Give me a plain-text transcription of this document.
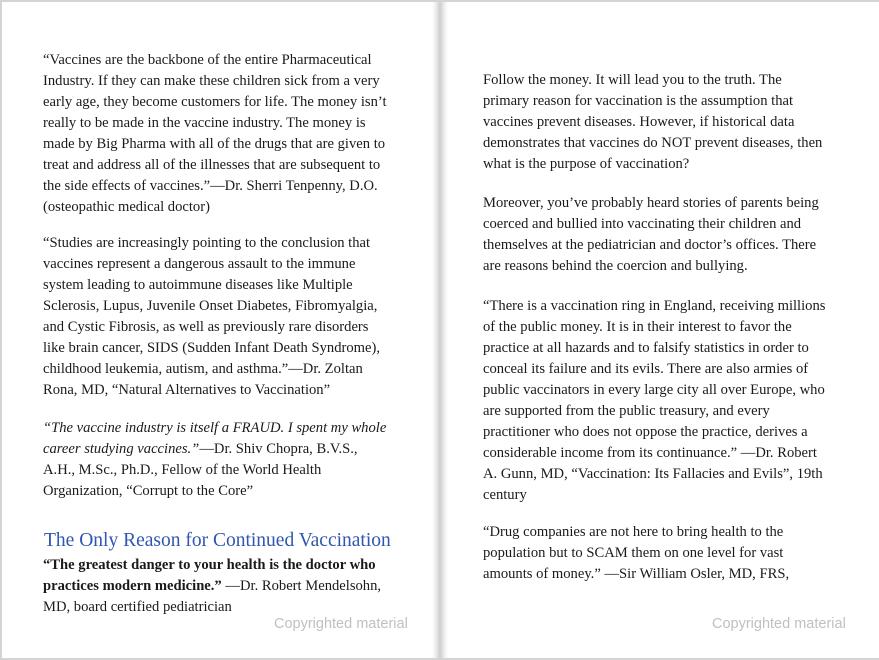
“Vaccines are the backbone of the entire Pharmaceutical
Industry. If they can make these children sick from a very
early age, they become customers for life. The money isn’t
really to be made in the vaccine industry. The money is
made by Big Pharma with all of the drugs that are given to
treat and address all of the illnesses that are subsequent to
the side effects of vaccines.”—Dr. Sherri Tenpenny, D.O.
(osteopathic medical doctor)

“Studies are increasingly pointing to the conclusion that
vaccines represent a dangerous assault to the immune
system leading to autoimmune diseases like Multiple
Sclerosis, Lupus, Juvenile Onset Diabetes, Fibromyalgia,
and Cystic Fibrosis, as well as previously rare disorders
like brain cancer, SIDS (Sudden Infant Death Syndrome),
childhood leukemia, autism, and asthma.”—Dr. Zoltan
Rona, MD, “Natural Alternatives to Vaccination”

“The vaccine industry is itself a FRAUD. I spent my whole
career studying vaccines.”—Dr. Shiv Chopra, B.V.S.,
A.H., M.Sc., Ph.D., Fellow of the World Health
Organization, “Corrupt to the Core”

The Only Reason for Continued Vaccination

“The greatest danger to your health is the doctor who
practices modern medicine.” —Dr. Robert Mendelsohn,
MD, board certified pediatrician

Copyrighted material

Follow the money. It will lead you to the truth. The
primary reason for vaccination is the assumption that
vaccines prevent diseases. However, if historical data
demonstrates that vaccines do NOT prevent diseases, then
what is the purpose of vaccination?

Moreover, you’ve probably heard stories of parents being
coerced and bullied into vaccinating their children and
themselves at the pediatrician and doctor’s offices. There
are reasons behind the coercion and bullying.

“There is a vaccination ring in England, receiving millions
of the public money. It is in their interest to favor the
practice at all hazards and to falsify statistics in order to
conceal its failure and its evils. There are also armies of
public vaccinators in every large city all over Europe, who
are supported from the public treasury, and every
practitioner who does not oppose the practice, derives a
considerable income from its continuance.” —Dr. Robert
A. Gunn, MD, “Vaccination: Its Fallacies and Evils”, 19th
century

“Drug companies are not here to bring health to the
population but to SCAM them on one level for vast
amounts of money.” —Sir William Osler, MD, FRS,

Copyrighted material
